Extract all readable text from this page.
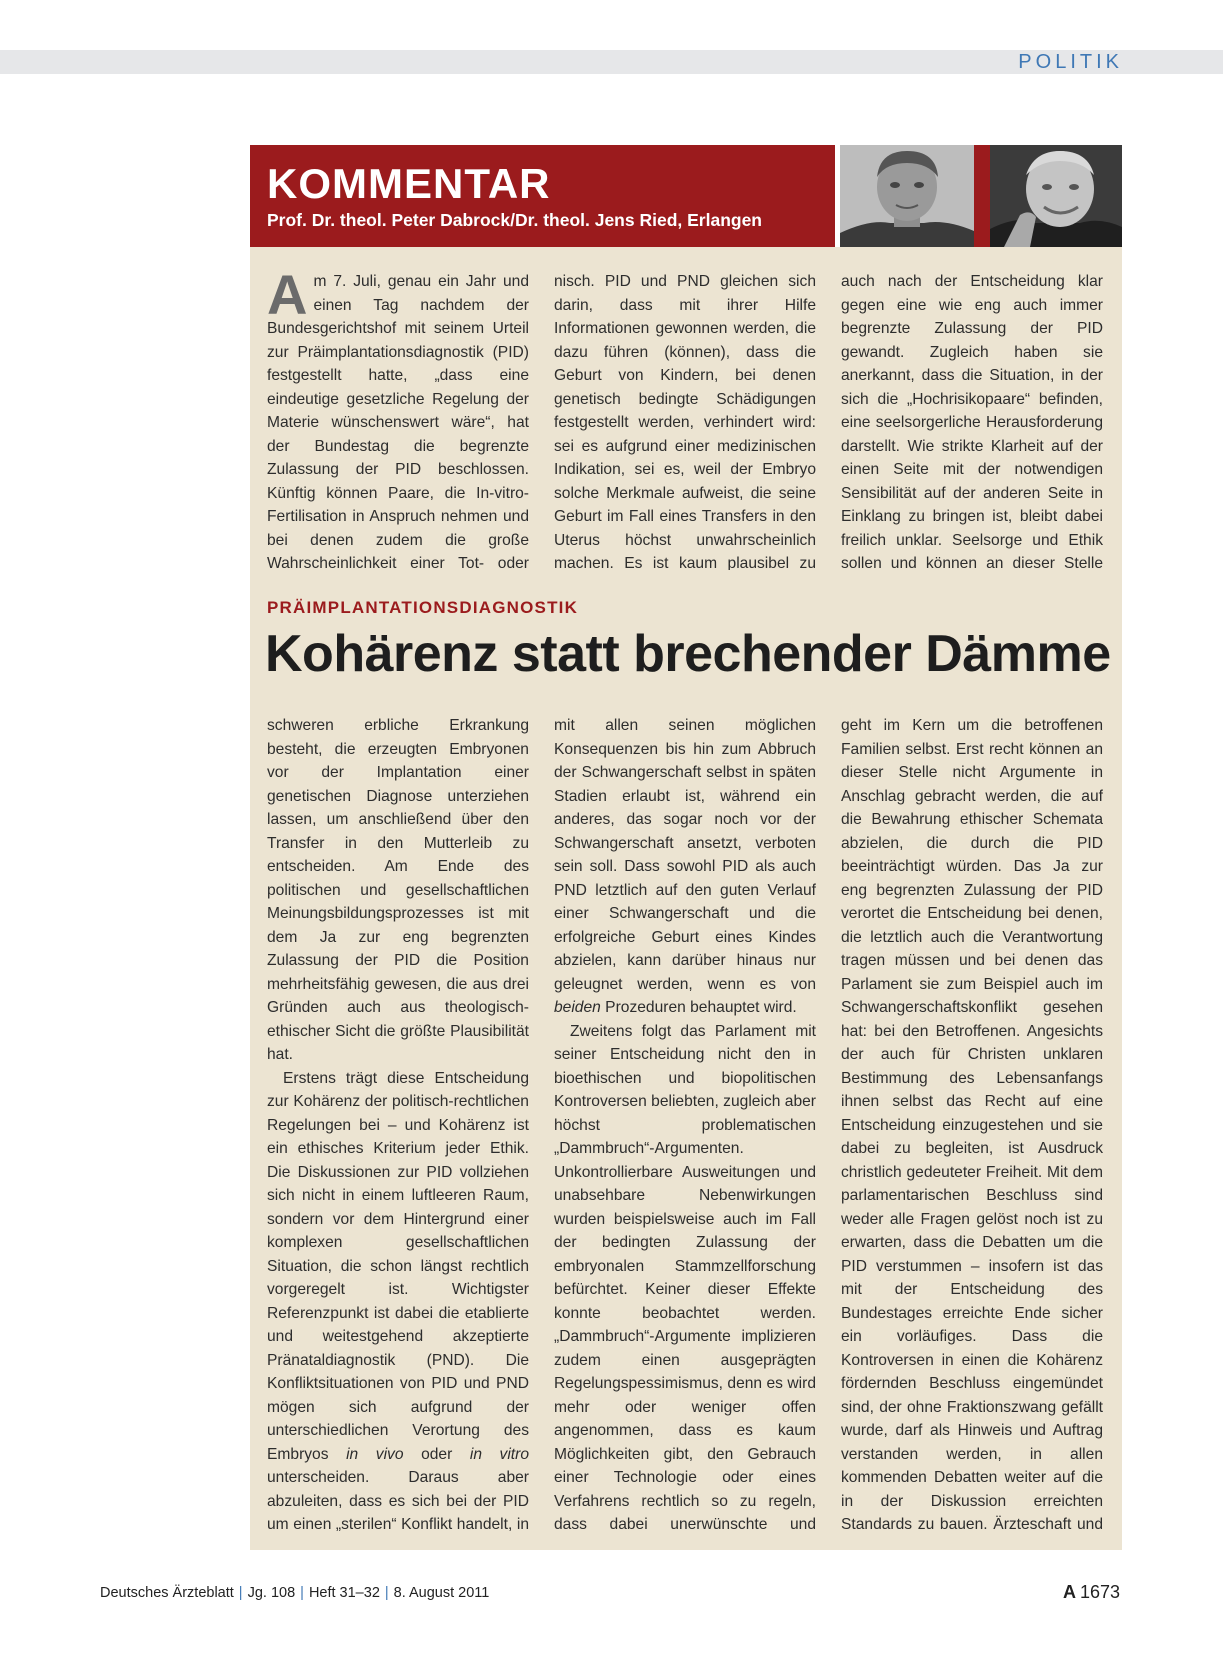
POLITIK
KOMMENTAR
Prof. Dr. theol. Peter Dabrock/Dr. theol. Jens Ried, Erlangen

Am 7. Juli, genau ein Jahr und einen Tag nachdem der Bundesgerichtshof mit seinem Urteil zur Präimplantationsdiagnostik (PID) festgestellt hatte, „dass eine eindeutige gesetzliche Regelung der Materie wünschenswert wäre“, hat der Bundestag die begrenzte Zulassung der PID beschlossen. Künftig können Paare, die In-vitro-Fertilisation in Anspruch nehmen und bei denen zudem die große Wahrscheinlichkeit einer Tot- oder

nisch. PID und PND gleichen sich darin, dass mit ihrer Hilfe Informationen gewonnen werden, die dazu führen (können), dass die Geburt von Kindern, bei denen genetisch bedingte Schädigungen festgestellt werden, verhindert wird: sei es aufgrund einer medizinischen Indikation, sei es, weil der Embryo solche Merkmale aufweist, die seine Geburt im Fall eines Transfers in den Uterus höchst unwahrscheinlich machen. Es ist kaum plausibel zu

auch nach der Entscheidung klar gegen eine wie eng auch immer begrenzte Zulassung der PID gewandt. Zugleich haben sie anerkannt, dass die Situation, in der sich die „Hochrisikopaare“ befinden, eine seelsorgerliche Herausforderung darstellt. Wie strikte Klarheit auf der einen Seite mit der notwendigen Sensibilität auf der anderen Seite in Einklang zu bringen ist, bleibt dabei freilich unklar. Seelsorge und Ethik sollen und können an dieser Stelle

PRÄIMPLANTATIONSDIAGNOSTIK
Kohärenz statt brechender Dämme

schweren erbliche Erkrankung besteht, die erzeugten Embryonen vor der Implantation einer genetischen Diagnose unterziehen lassen, um anschließend über den Transfer in den Mutterleib zu entscheiden. Am Ende des politischen und gesellschaftlichen Meinungsbildungsprozesses ist mit dem Ja zur eng begrenzten Zulassung der PID die Position mehrheitsfähig gewesen, die aus drei Gründen auch aus theologisch-ethischer Sicht die größte Plausibilität hat.

Erstens trägt diese Entscheidung zur Kohärenz der politisch-rechtlichen Regelungen bei – und Kohärenz ist ein ethisches Kriterium jeder Ethik. Die Diskussionen zur PID vollziehen sich nicht in einem luftleeren Raum, sondern vor dem Hintergrund einer komplexen gesellschaftlichen Situation, die schon längst rechtlich vorgeregelt ist. Wichtigster Referenzpunkt ist dabei die etablierte und weitestgehend akzeptierte Pränataldiagnostik (PND). Die Konfliktsituationen von PID und PND mögen sich aufgrund der unterschiedlichen Verortung des Embryos in vivo oder in vitro unterscheiden. Daraus aber abzuleiten, dass es sich bei der PID um einen „sterilen“ Konflikt handelt, in

mit allen seinen möglichen Konsequenzen bis hin zum Abbruch der Schwangerschaft selbst in späten Stadien erlaubt ist, während ein anderes, das sogar noch vor der Schwangerschaft ansetzt, verboten sein soll. Dass sowohl PID als auch PND letztlich auf den guten Verlauf einer Schwangerschaft und die erfolgreiche Geburt eines Kindes abzielen, kann darüber hinaus nur geleugnet werden, wenn es von beiden Prozeduren behauptet wird.

Zweitens folgt das Parlament mit seiner Entscheidung nicht den in bioethischen und biopolitischen Kontroversen beliebten, zugleich aber höchst problematischen „Dammbruch“-Argumenten. Unkontrollierbare Ausweitungen und unabsehbare Nebenwirkungen wurden beispielsweise auch im Fall der bedingten Zulassung der embryonalen Stammzellforschung befürchtet. Keiner dieser Effekte konnte beobachtet werden. „Dammbruch“-Argumente implizieren zudem einen ausgeprägten Regelungspessimismus, denn es wird mehr oder weniger offen angenommen, dass es kaum Möglichkeiten gibt, den Gebrauch einer Technologie oder eines Verfahrens rechtlich so zu regeln, dass dabei unerwünschte und

geht im Kern um die betroffenen Familien selbst. Erst recht können an dieser Stelle nicht Argumente in Anschlag gebracht werden, die auf die Bewahrung ethischer Schemata abzielen, die durch die PID beeinträchtigt würden. Das Ja zur eng begrenzten Zulassung der PID verortet die Entscheidung bei denen, die letztlich auch die Verantwortung tragen müssen und bei denen das Parlament sie zum Beispiel auch im Schwangerschaftskonflikt gesehen hat: bei den Betroffenen. Angesichts der auch für Christen unklaren Bestimmung des Lebensanfangs ihnen selbst das Recht auf eine Entscheidung einzugestehen und sie dabei zu begleiten, ist Ausdruck christlich gedeuteter Freiheit. Mit dem parlamentarischen Beschluss sind weder alle Fragen gelöst noch ist zu erwarten, dass die Debatten um die PID verstummen – insofern ist das mit der Entscheidung des Bundestages erreichte Ende sicher ein vorläufiges. Dass die Kontroversen in einen die Kohärenz fördernden Beschluss eingemündet sind, der ohne Fraktionszwang gefällt wurde, darf als Hinweis und Auftrag verstanden werden, in allen kommenden Debatten weiter auf die in der Diskussion erreichten Standards zu bauen. Ärzteschaft und

Deutsches Ärzteblatt | Jg. 108 | Heft 31–32 | 8. August 2011	A 1673
